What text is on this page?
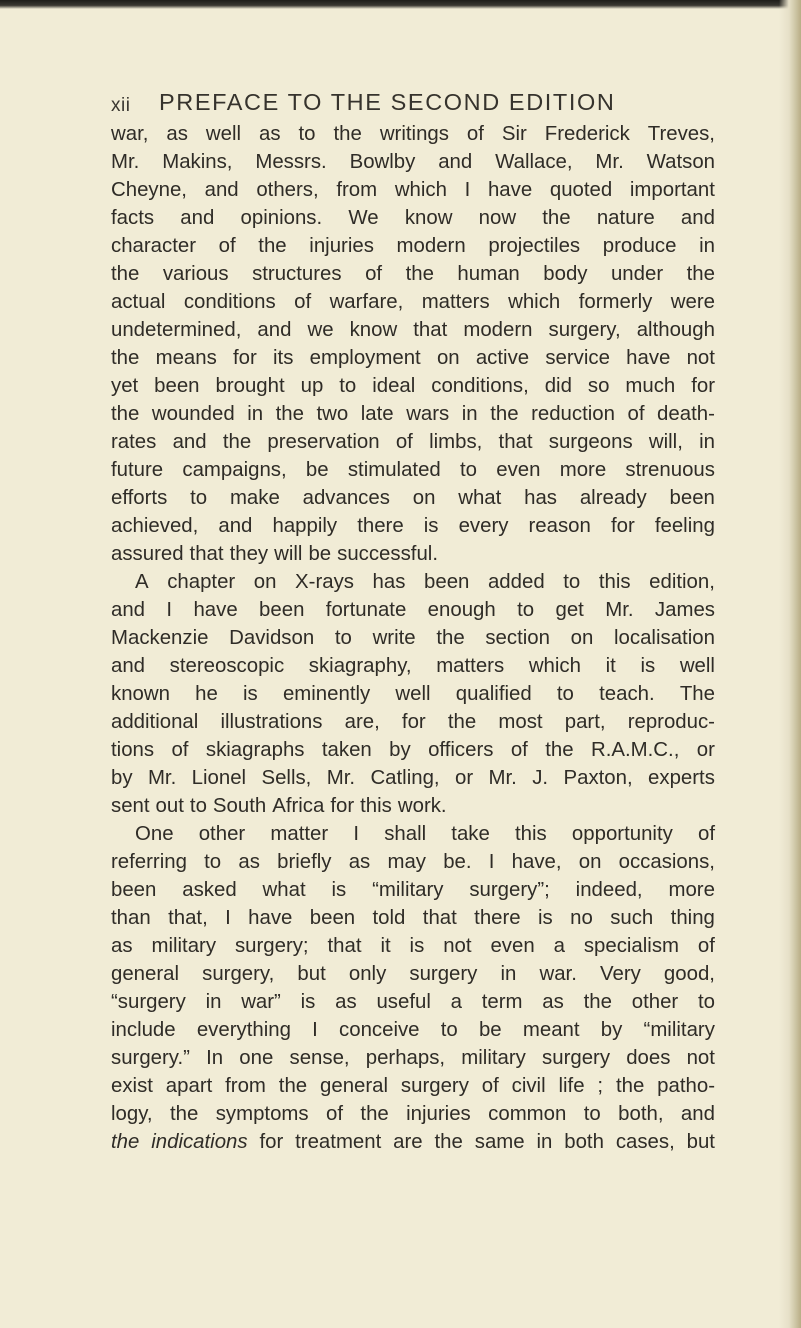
xii PREFACE TO THE SECOND EDITION
war, as well as to the writings of Sir Frederick Treves,
Mr. Makins, Messrs. Bowlby and Wallace, Mr. Watson
Cheyne, and others, from which I have quoted important
facts and opinions. We know now the nature and
character of the injuries modern projectiles produce in
the various structures of the human body under the
actual conditions of warfare, matters which formerly were
undetermined, and we know that modern surgery, although
the means for its employment on active service have not
yet been brought up to ideal conditions, did so much for
the wounded in the two late wars in the reduction of death-
rates and the preservation of limbs, that surgeons will, in
future campaigns, be stimulated to even more strenuous
efforts to make advances on what has already been
achieved, and happily there is every reason for feeling
assured that they will be successful.
A chapter on X-rays has been added to this edition,
and I have been fortunate enough to get Mr. James
Mackenzie Davidson to write the section on localisation
and stereoscopic skiagraphy, matters which it is well
known he is eminently well qualified to teach. The
additional illustrations are, for the most part, reproduc-
tions of skiagraphs taken by officers of the R.A.M.C., or
by Mr. Lionel Sells, Mr. Catling, or Mr. J. Paxton, experts
sent out to South Africa for this work.
One other matter I shall take this opportunity of
referring to as briefly as may be. I have, on occasions,
been asked what is “military surgery”; indeed, more
than that, I have been told that there is no such thing
as military surgery; that it is not even a specialism of
general surgery, but only surgery in war. Very good,
“surgery in war” is as useful a term as the other to
include everything I conceive to be meant by “military
surgery.” In one sense, perhaps, military surgery does not
exist apart from the general surgery of civil life ; the patho-
logy, the symptoms of the injuries common to both, and
the indications for treatment are the same in both cases, but
